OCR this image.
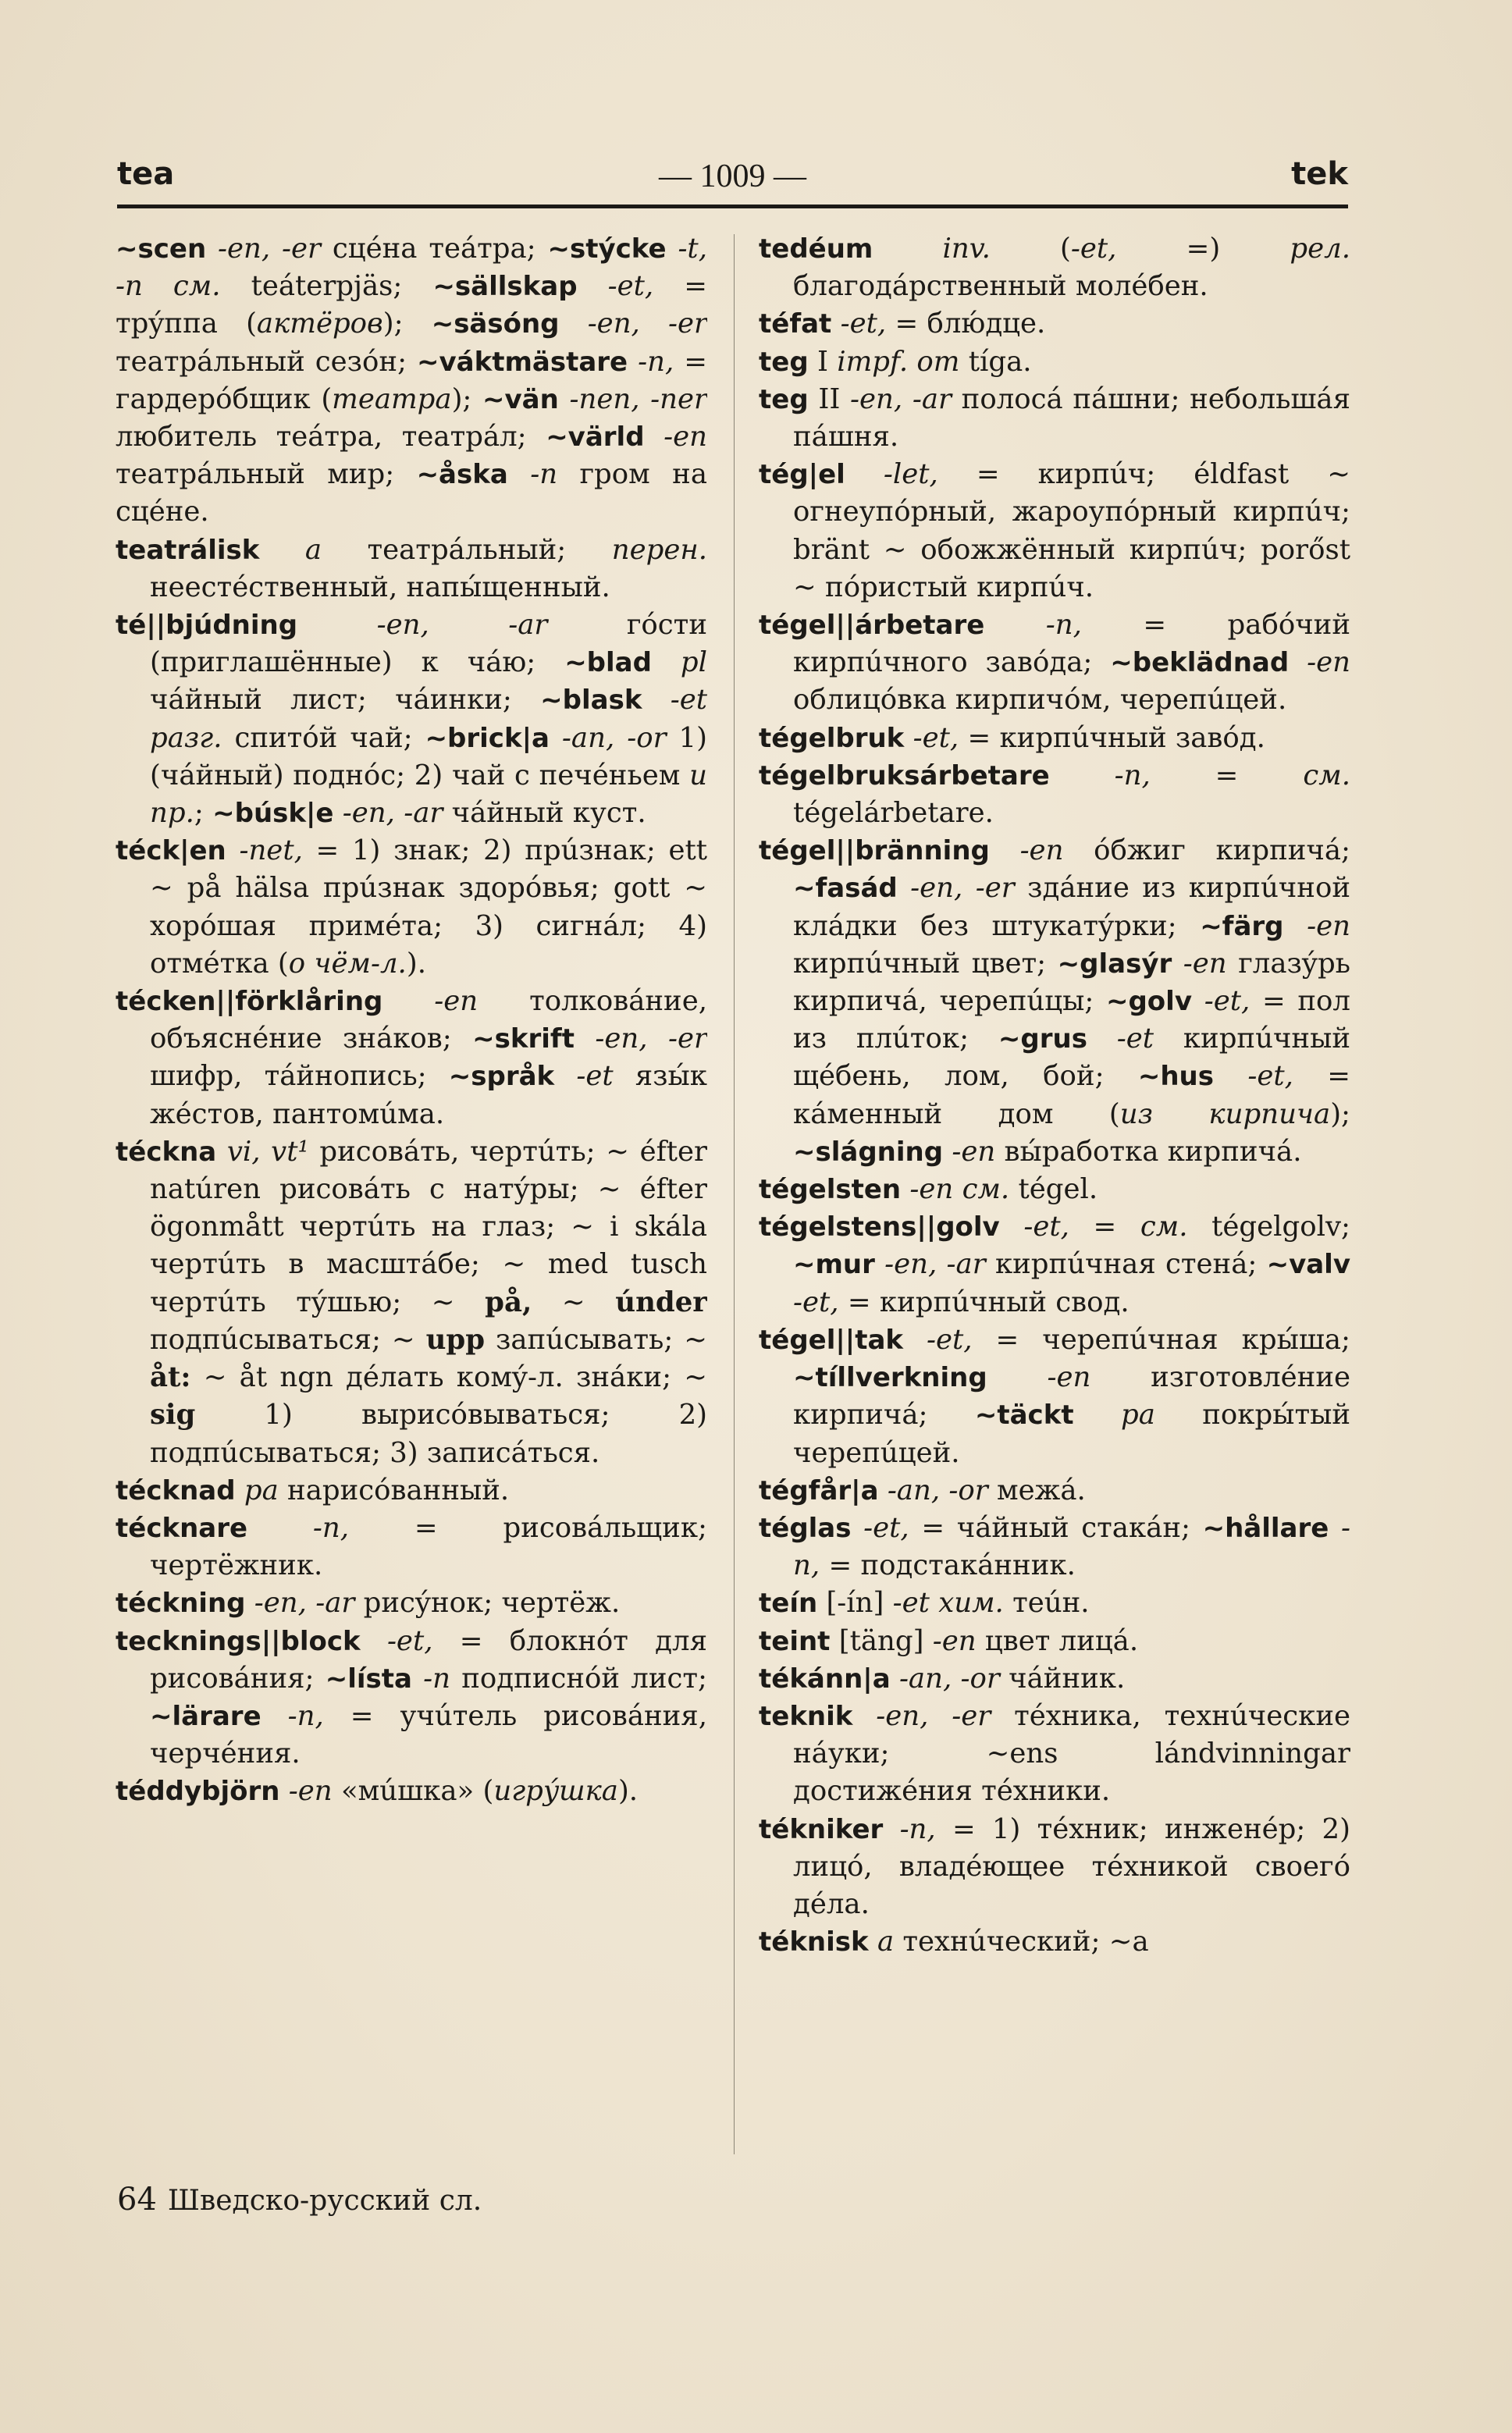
tea	— 1009 —	tek

~scen -en, -er сцéна теáтра; ~stýcke -t, -n см. teáterpjäs; ~sällskap -et, = трýппа (актёров); ~säsóng -en, -er театрáльный сезóн; ~váktmästare -n, = гардерóбщик (театра); ~vän -nen, -ner любитель теáтра, театрáл; ~värld -en театрáльный мир; ~åska -n гром на сцéне.

teatrálisk a театрáльный; перен. неестéственный, напы́щенный.

té||bjúdning	-en, -ar гóсти (приглашённые) к чáю; ~blad pl чáйный лист; чáинки; ~blask -et разг. спитóй чай; ~brick|a -an, -or 1) (чáйный) поднóс; 2) чай с печéньем и пр.; ~búsk|e -en, -ar чáйный куст.

téck|en -net, = 1) знак; 2) прúзнак; ett ~ på hälsa прúзнак здорóвья; gott ~ хорóшая примéта; 3) сигнáл; 4) отмéтка (о чём-л.).

técken||förklåring -en толковáние, объяснéние знáков; ~skrift -en, -er шифр, тáйнопись; ~språk -et язы́к жéстов, пантомúма.

téckna vi, vt¹ рисовáть, чертúть; ~ éfter natúren рисовáть с натýры; ~ éfter ögonmått чертúть на глаз; ~ i skála чертúть в масштáбе; ~ med tusch чертúть тýшью; ~ på, ~ únder подпúсываться; ~ upp запúсывать; ~ åt: ~ åt ngn дéлать комý-л. знáки; ~ sig 1) вырисóвываться; 2) подпúсываться; 3) записáться.

técknad pa нарисóванный.

técknare -n, = рисовáльщик; чертёжник.

téckning -en, -ar рисýнок; чертёж.

tecknings||block -et, = блокнóт для рисовáния; ~lísta -n подписнóй лист; ~lärare -n, = учúтель рисовáния, черчéния.

téddybjörn -en «мúшка» (игрýшка).

tedéum	inv. (-et, =) рел. благодáрственный молéбен.

téfat -et, = блю́дце.

teg I impf. om tíga.

teg II -en, -ar полосá пáшни; небольшáя пáшня.

tég|el -let, = кирпúч; éldfast ~ огнеупóрный, жароупóрный кирпúч; bränt ~ обожжённый кирпúч; porőst ~ пóристый кирпúч.

tégel||árbetare -n, = рабóчий кирпúчного завóда; ~beklädnad -en облицóвка кирпичóм, черепúцей.

tégelbruk -et, = кирпúчный завóд.

tégelbruksárbetare -n, = см. tégelárbetare.

tégel||bränning -en óбжиг кирпичá; ~fasád -en, -er здáние из кирпúчной клáдки без штукатýрки; ~färg -en кирпúчный цвет; ~glasýr -en глазýрь кирпичá, черепúцы; ~golv -et, = пол из плúток; ~grus -et кирпúчный щéбень, лом, бой; ~hus -et, = кáменный дом (из кирпича); ~slágning -en вы́работка кирпичá.

tégelsten -en см. tégel.

tégelstens||golv -et, = см. tégelgolv; ~mur -en, -ar кирпúчная стенá; ~valv -et, = кирпúчный свод.

tégel||tak -et, = черепúчная кры́ша; ~tíllverkning -en изготовлéние кирпичá; ~täckt pa покры́тый черепúцей.

tégfår|a -an, -or межá.

téglas -et, = чáйный стакáн; ~hållare -n, = подстакáнник.

teín [-ín] -et хим. теúн.

teint [täng] -en цвет лицá.

tékánn|a -an, -or чáйник.

teknik -en, -er тéхника, технúческие нáуки; ~ens lándvinningar достижéния тéхники.

tékniker -n, = 1) тéхник; инженéр; 2) лицó, владéющее тéхникой своегó дéла.

téknisk a технúческий; ~a

64 Шведско-русский сл.
